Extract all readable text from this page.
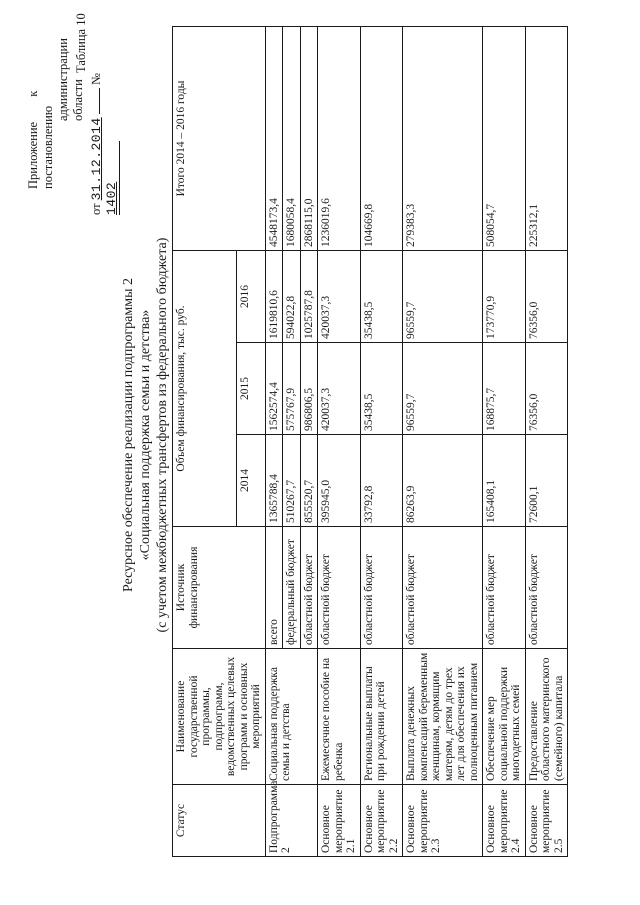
Приложение к постановлению
администрации области
от 31.12.2014  № 1402
Таблица 10
Ресурсное обеспечение реализации подпрограммы 2 «Социальная поддержка семьи и детства» (с учетом межбюджетных трансфертов из федерального бюджета)
Статус	Наименование государственной программы, подпрограмм, ведомственных целевых программ и основных мероприятий	Источник финансирования	Объем финансирования, тыс. руб.			Итого 2014 – 2016 годы
			2014	2015	2016	
Подпрограмма 2	Социальная поддержка семьи и детства	всего	1365788,4	1562574,4	1619810,6	4548173,4
		федеральный бюджет	510267,7	575767,9	594022,8	1680058,4
		областной бюджет	855520,7	986806,5	1025787,8	2868115,0
Основное мероприятие 2.1	Ежемесячное пособие на ребенка	областной бюджет	395945,0	420037,3	420037,3	1236019,6
Основное мероприятие 2.2	Региональные выплаты при рождении детей	областной бюджет	33792,8	35438,5	35438,5	104669,8
Основное мероприятие 2.3	Выплата денежных компенсаций беременным женщинам, кормящим матерям, детям до трех лет для обеспечения их полноценным питанием	областной бюджет	86263,9	96559,7	96559,7	279383,3
Основное мероприятие 2.4	Обеспечение мер социальной поддержки многодетных семей	областной бюджет	165408,1	168875,7	173770,9	508054,7
Основное мероприятие 2.5	Предоставление областного материнского (семейного) капитала	областной бюджет	72600,1	76356,0	76356,0	225312,1
